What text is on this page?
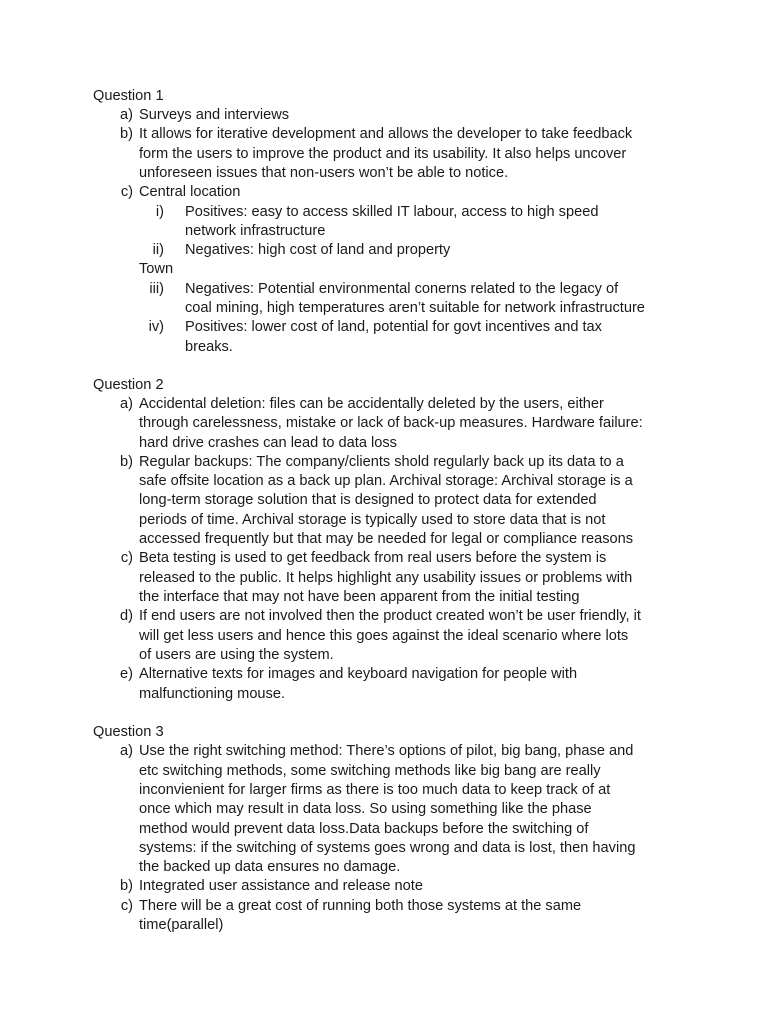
Question 1
a) Surveys and interviews
b) It allows for iterative development and allows the developer to take feedback
form the users to improve the product and its usability. It also helps uncover
unforeseen issues that non-users won’t be able to notice.
c) Central location
i) Positives: easy to access skilled IT labour, access to high speed
network infrastructure
ii) Negatives: high cost of land and property
Town
iii) Negatives: Potential environmental conerns related to the legacy of
coal mining, high temperatures aren’t suitable for network infrastructure
iv) Positives: lower cost of land, potential for govt incentives and tax
breaks.
Question 2
a) Accidental deletion: files can be accidentally deleted by the users, either
through carelessness, mistake or lack of back-up measures. Hardware failure:
hard drive crashes can lead to data loss
b) Regular backups: The company/clients shold regularly back up its data to a
safe offsite location as a back up plan. Archival storage: Archival storage is a
long-term storage solution that is designed to protect data for extended
periods of time. Archival storage is typically used to store data that is not
accessed frequently but that may be needed for legal or compliance reasons
c) Beta testing is used to get feedback from real users before the system is
released to the public. It helps highlight any usability issues or problems with
the interface that may not have been apparent from the initial testing
d) If end users are not involved then the product created won’t be user friendly, it
will get less users and hence this goes against the ideal scenario where lots
of users are using the system.
e) Alternative texts for images and keyboard navigation for people with
malfunctioning mouse.
Question 3
a) Use the right switching method: There’s options of pilot, big bang, phase and
etc switching methods, some switching methods like big bang are really
inconvienient for larger firms as there is too much data to keep track of at
once which may result in data loss. So using something like the phase
method would prevent data loss.Data backups before the switching of
systems: if the switching of systems goes wrong and data is lost, then having
the backed up data ensures no damage.
b) Integrated user assistance and release note
c) There will be a great cost of running both those systems at the same
time(parallel)
